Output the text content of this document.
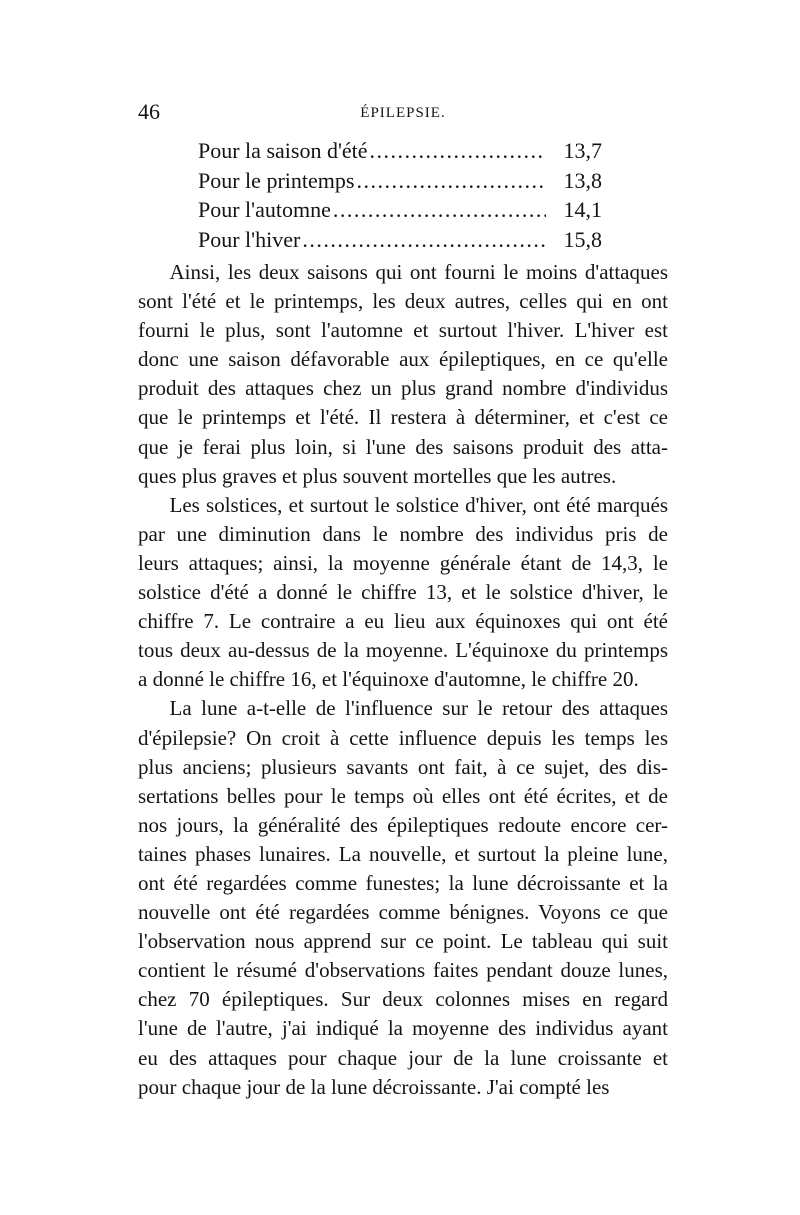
46	ÉPILEPSIE.
Pour la saison d'été .....	13,7
Pour le printemps .....	13,8
Pour l'automne .....	14,1
Pour l'hiver .....	15,8

  Ainsi, les deux saisons qui ont fourni le moins d'attaques
sont l'été et le printemps, les deux autres, celles qui en ont
fourni le plus, sont l'automne et surtout l'hiver. L'hiver est
donc une saison défavorable aux épileptiques, en ce qu'elle
produit des attaques chez un plus grand nombre d'individus
que le printemps et l'été. Il restera à déterminer, et c'est ce
que je ferai plus loin, si l'une des saisons produit des atta-
ques plus graves et plus souvent mortelles que les autres.

  Les solstices, et surtout le solstice d'hiver, ont été marqués
par une diminution dans le nombre des individus pris de
leurs attaques; ainsi, la moyenne générale étant de 14,3, le
solstice d'été a donné le chiffre 13, et le solstice d'hiver, le
chiffre 7. Le contraire a eu lieu aux équinoxes qui ont été
tous deux au-dessus de la moyenne. L'équinoxe du printemps
a donné le chiffre 16, et l'équinoxe d'automne, le chiffre 20.

  La lune a-t-elle de l'influence sur le retour des attaques
d'épilepsie? On croit à cette influence depuis les temps les
plus anciens; plusieurs savants ont fait, à ce sujet, des dis-
sertations belles pour le temps où elles ont été écrites, et de
nos jours, la généralité des épileptiques redoute encore cer-
taines phases lunaires. La nouvelle, et surtout la pleine lune,
ont été regardées comme funestes; la lune décroissante et la
nouvelle ont été regardées comme bénignes. Voyons ce que
l'observation nous apprend sur ce point. Le tableau qui suit
contient le résumé d'observations faites pendant douze lunes,
chez 70 épileptiques. Sur deux colonnes mises en regard
l'une de l'autre, j'ai indiqué la moyenne des individus ayant
eu des attaques pour chaque jour de la lune croissante et
pour chaque jour de la lune décroissante. J'ai compté les
